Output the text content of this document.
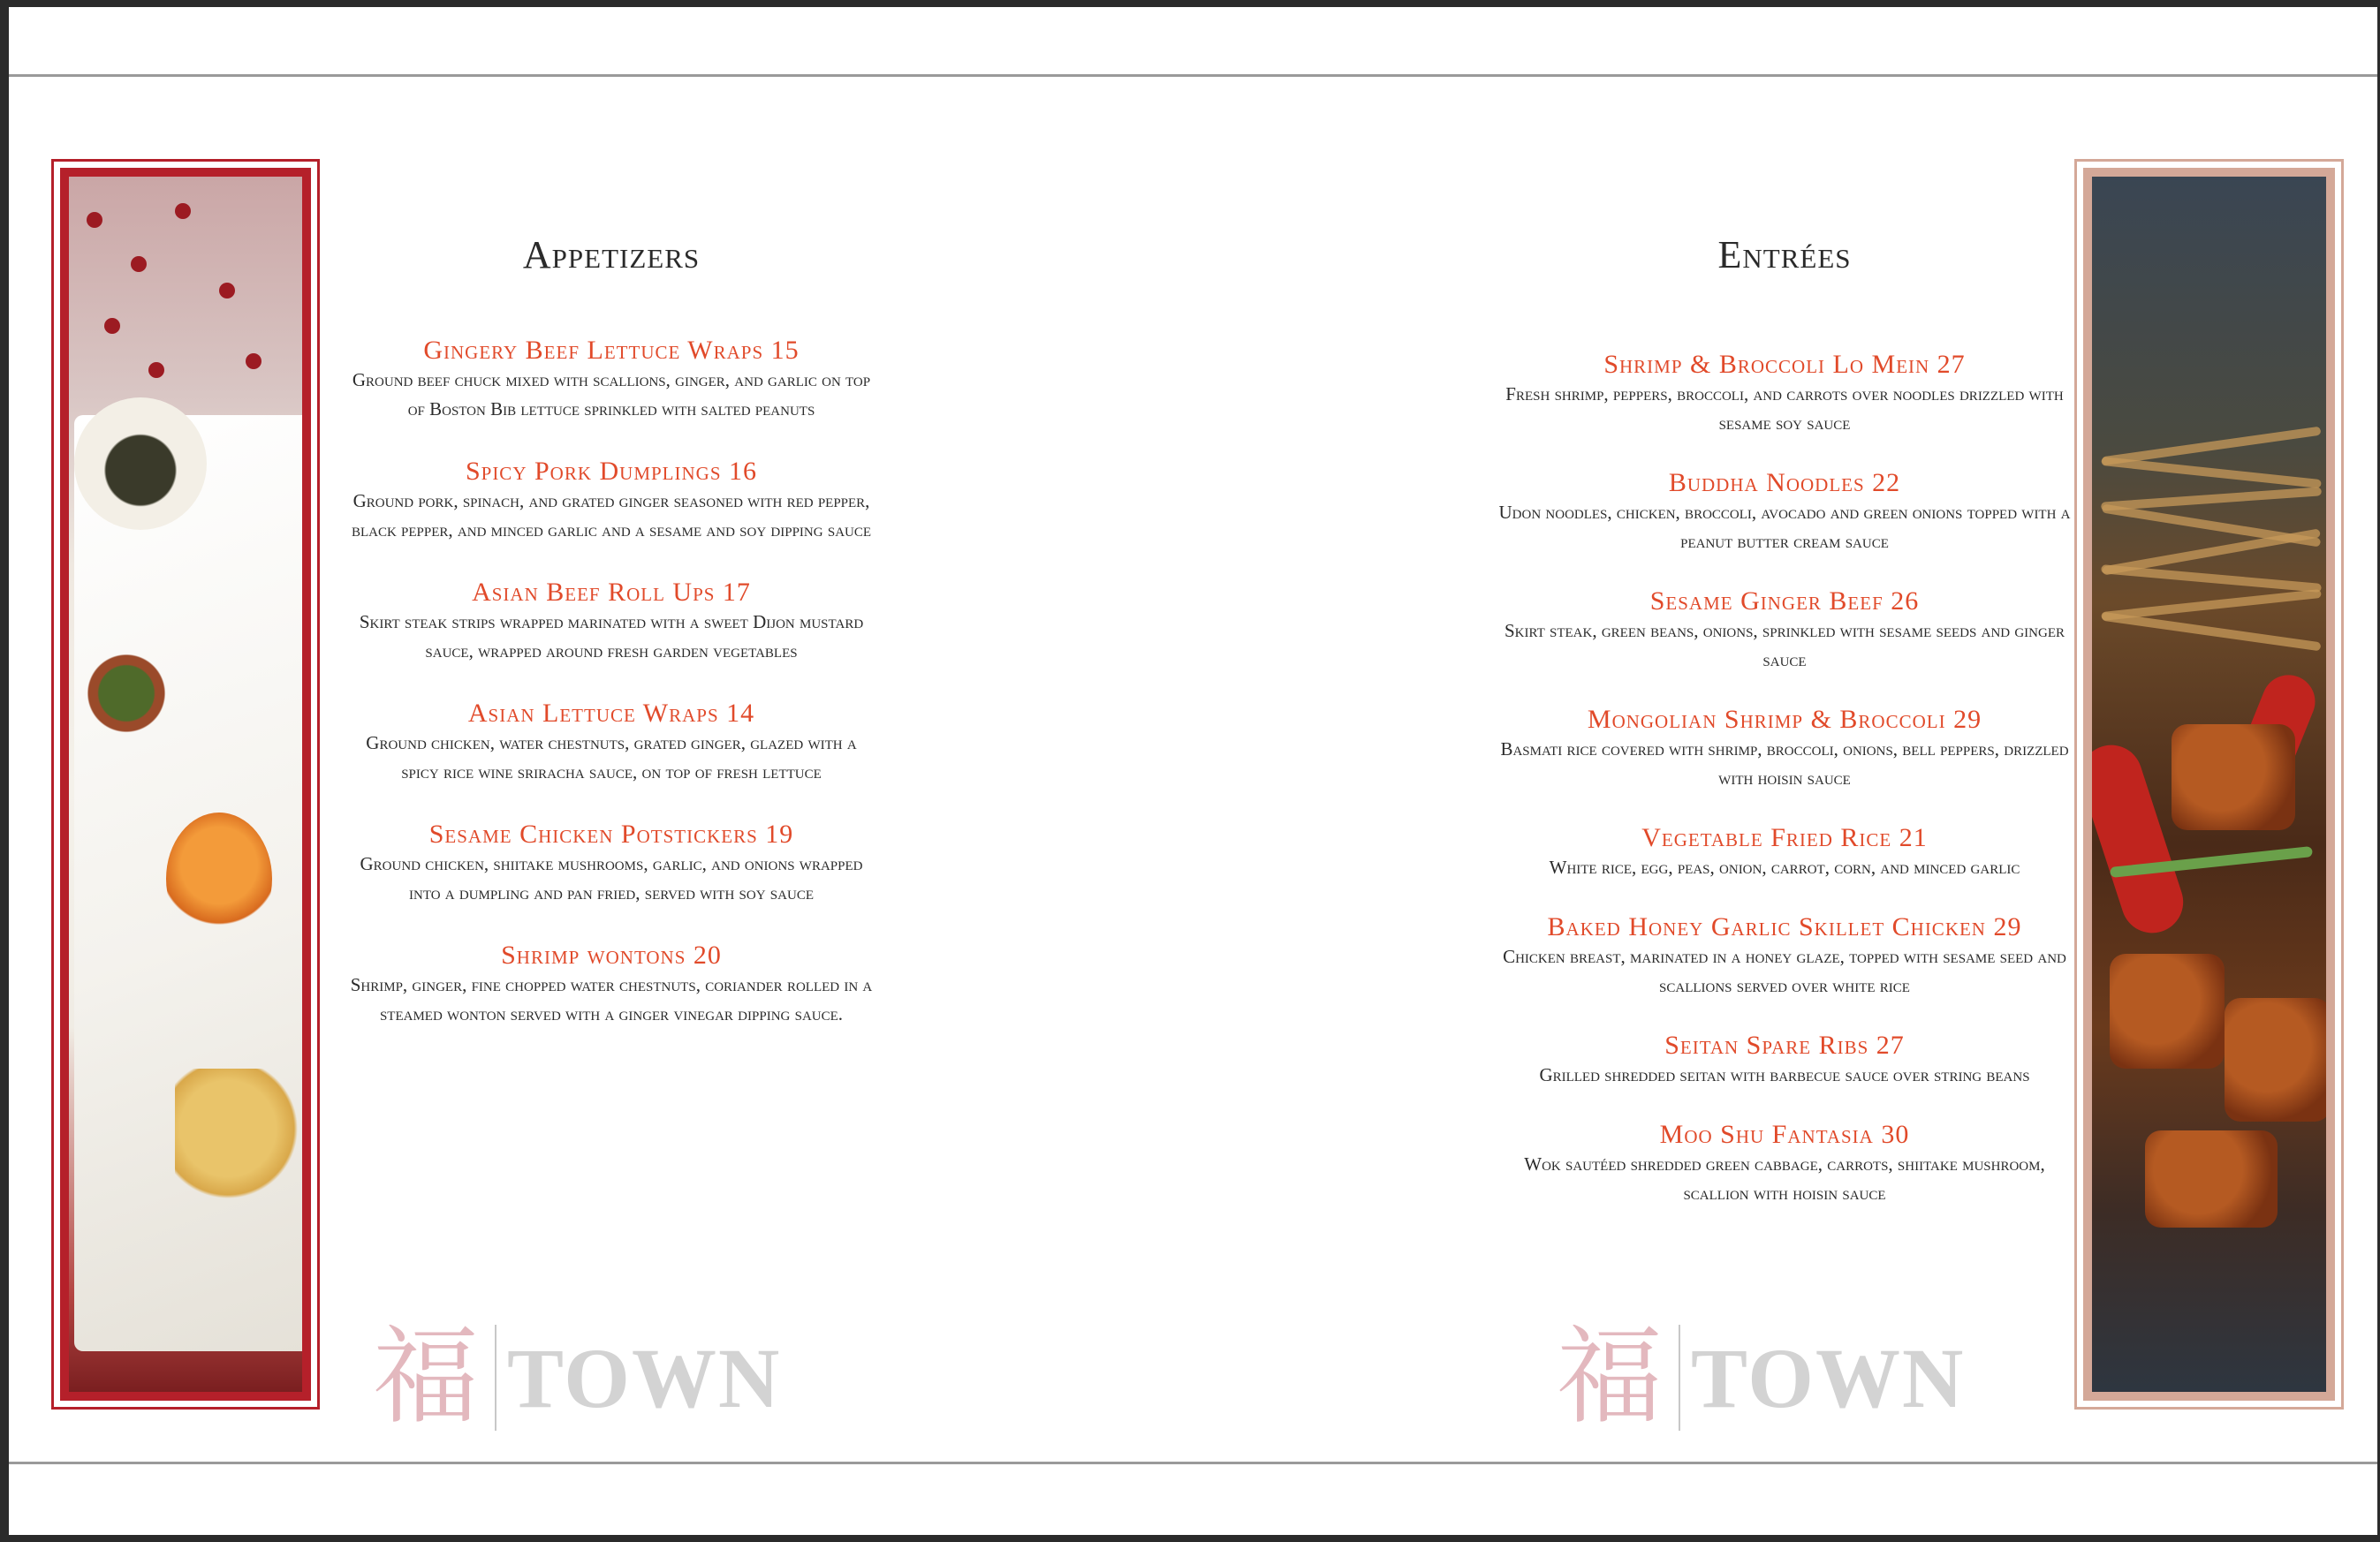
Appetizers
Gingery Beef Lettuce Wraps 15
Ground beef chuck mixed with scallions, ginger, and garlic on top of Boston Bib lettuce sprinkled with salted peanuts
Spicy Pork Dumplings 16
Ground pork, spinach, and grated ginger seasoned with red pepper, black pepper, and minced garlic and a sesame and soy dipping sauce
Asian Beef Roll Ups 17
Skirt steak strips wrapped marinated with a sweet Dijon mustard sauce, wrapped around fresh garden vegetables
Asian Lettuce Wraps 14
Ground chicken, water chestnuts, grated ginger, glazed with a spicy rice wine sriracha sauce, on top of fresh lettuce
Sesame Chicken Potstickers 19
Ground chicken, shiitake mushrooms, garlic, and onions wrapped into a dumpling and pan fried, served with soy sauce
Shrimp wontons 20
Shrimp, ginger, fine chopped water chestnuts, coriander rolled in a steamed wonton served with a ginger vinegar dipping sauce.
福 TOWN
Entrées
Shrimp & Broccoli Lo Mein 27
Fresh shrimp, peppers, broccoli, and carrots over noodles drizzled with sesame soy sauce
Buddha Noodles 22
Udon noodles, chicken, broccoli, avocado and green onions topped with a peanut butter cream sauce
Sesame Ginger Beef 26
Skirt steak, green beans, onions, sprinkled with sesame seeds and ginger sauce
Mongolian Shrimp & Broccoli 29
Basmati rice covered with shrimp, broccoli, onions, bell peppers, drizzled with hoisin sauce
Vegetable Fried Rice 21
White rice, egg, peas, onion, carrot, corn, and minced garlic
Baked Honey Garlic Skillet Chicken 29
Chicken breast, marinated in a honey glaze, topped with sesame seed and scallions served over white rice
Seitan Spare Ribs 27
Grilled shredded seitan with barbecue sauce over string beans
Moo Shu Fantasia 30
Wok sautéed shredded green cabbage, carrots, shiitake mushroom, scallion with hoisin sauce
福 TOWN
